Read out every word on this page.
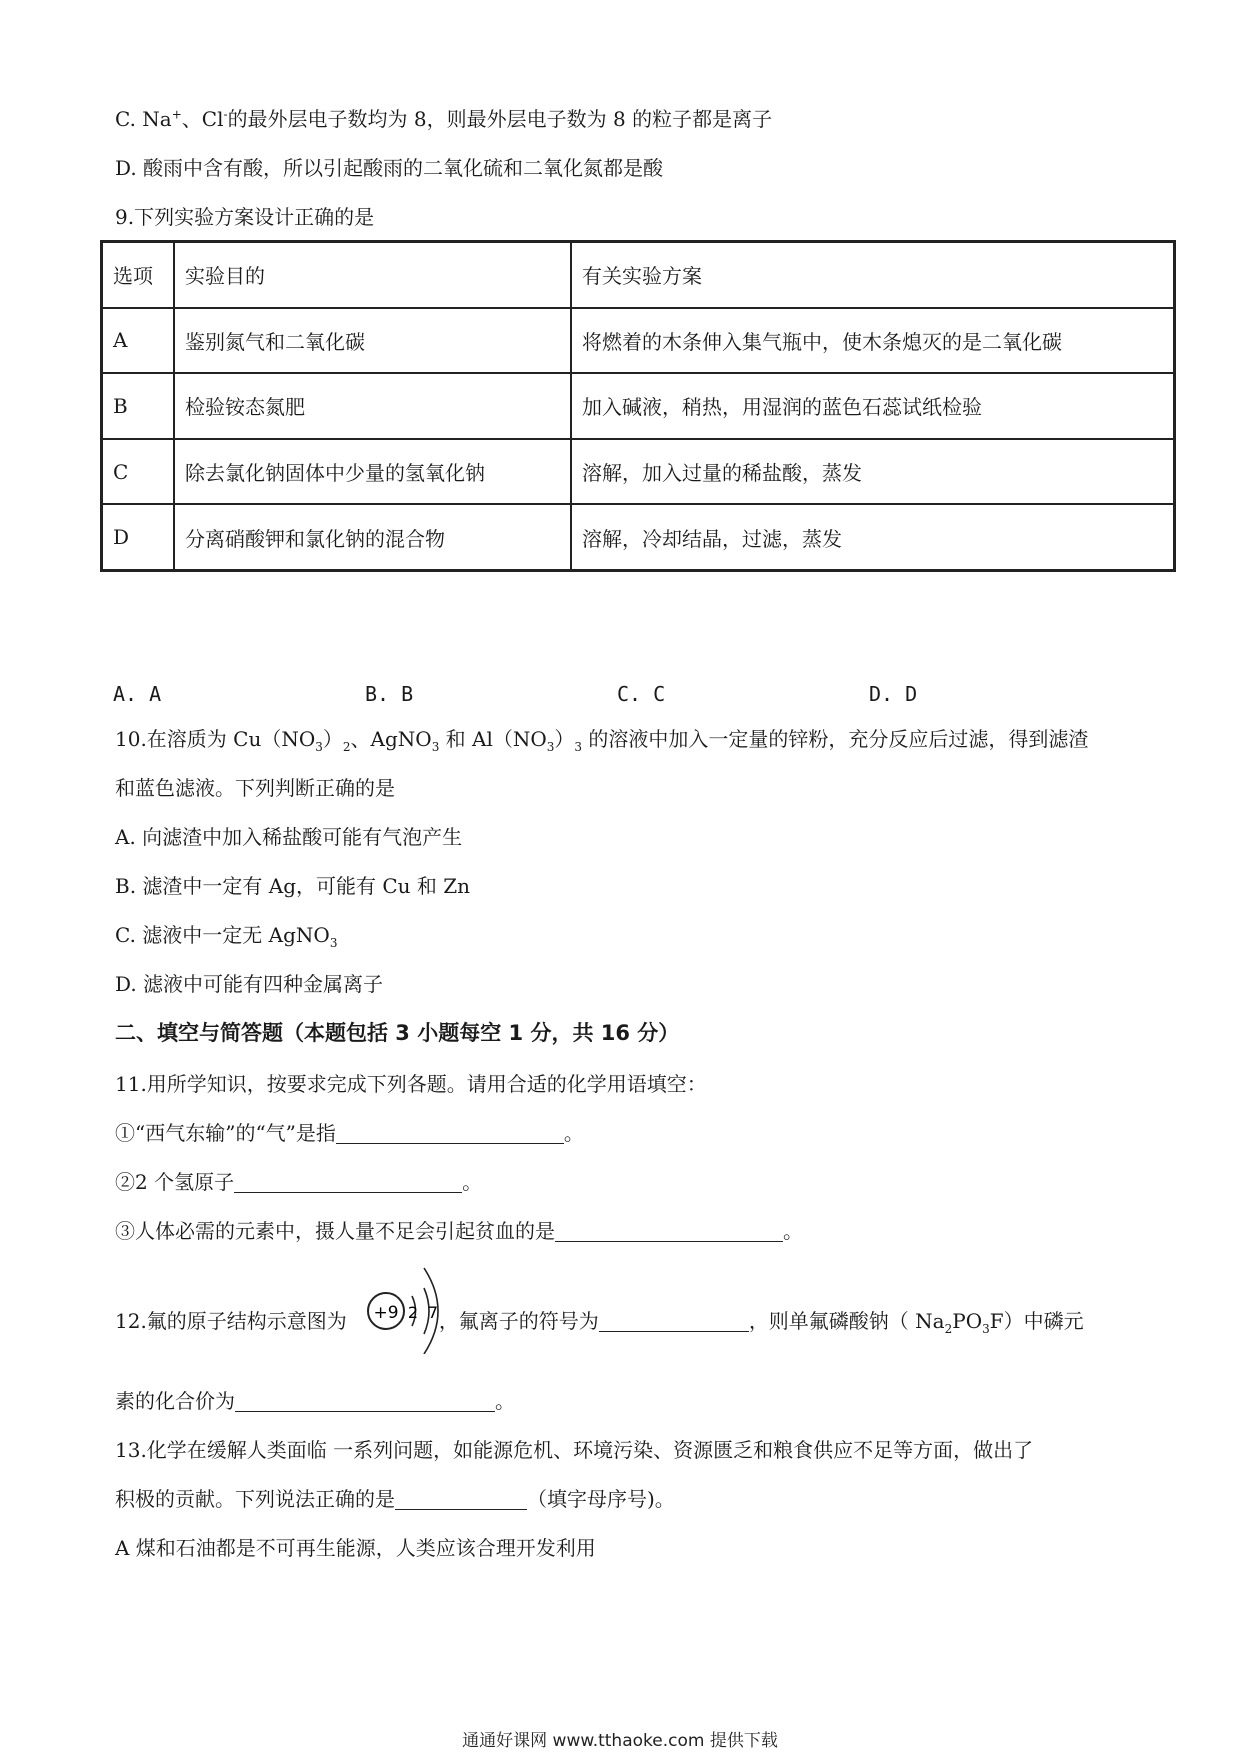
C. Na+、Cl-的最外层电子数均为 8，则最外层电子数为 8 的粒子都是离子
D. 酸雨中含有酸，所以引起酸雨的二氧化硫和二氧化氮都是酸
9.下列实验方案设计正确的是
选项	实验目的	有关实验方案
A	鉴别氮气和二氧化碳	将燃着的木条伸入集气瓶中，使木条熄灭的是二氧化碳
B	检验铵态氮肥	加入碱液，稍热，用湿润的蓝色石蕊试纸检验
C	除去氯化钠固体中少量的氢氧化钠	溶解，加入过量的稀盐酸，蒸发
D	分离硝酸钾和氯化钠的混合物	溶解，冷却结晶，过滤，蒸发
A. A	B. B	C. C	D. D
10.在溶质为 $Cu(NO_3)_2$、AgNO$_3$ 和 $Al(NO_3)_3$ 的溶液中加入一定量的锌粉，充分反应后过滤，得到滤渣
和蓝色滤液。下列判断正确的是
A. 向滤渣中加入稀盐酸可能有气泡产生
B. 滤渣中一定有 Ag，可能有 Cu 和 Zn
C. 滤液中一定无 AgNO$_3$
D. 滤液中可能有四种金属离子
二、填空与简答题（本题包括 3 小题每空 1 分，共 16 分）
11.用所学知识，按要求完成下列各题。请用合适的化学用语填空：
①“西气东输”的“气”是指	。
②2 个氢原子	。
③人体必需的元素中，摄人量不足会引起贫血的是	。
12.氟的原子结构示意图为	，氟离子的符号为	，则单氟磷酸钠（ $Na_2PO_3F$）中磷元
+9 2 7
素的化合价为	。
13.化学在缓解人类面临 一系列问题，如能源危机、环境污染、资源匮乏和粮食供应不足等方面，做出了
积极的贡献。下列说法正确的是	（填字母序号)。
A 煤和石油都是不可再生能源，人类应该合理开发利用
通通好课网 www.tthaoke.com 提供下载
